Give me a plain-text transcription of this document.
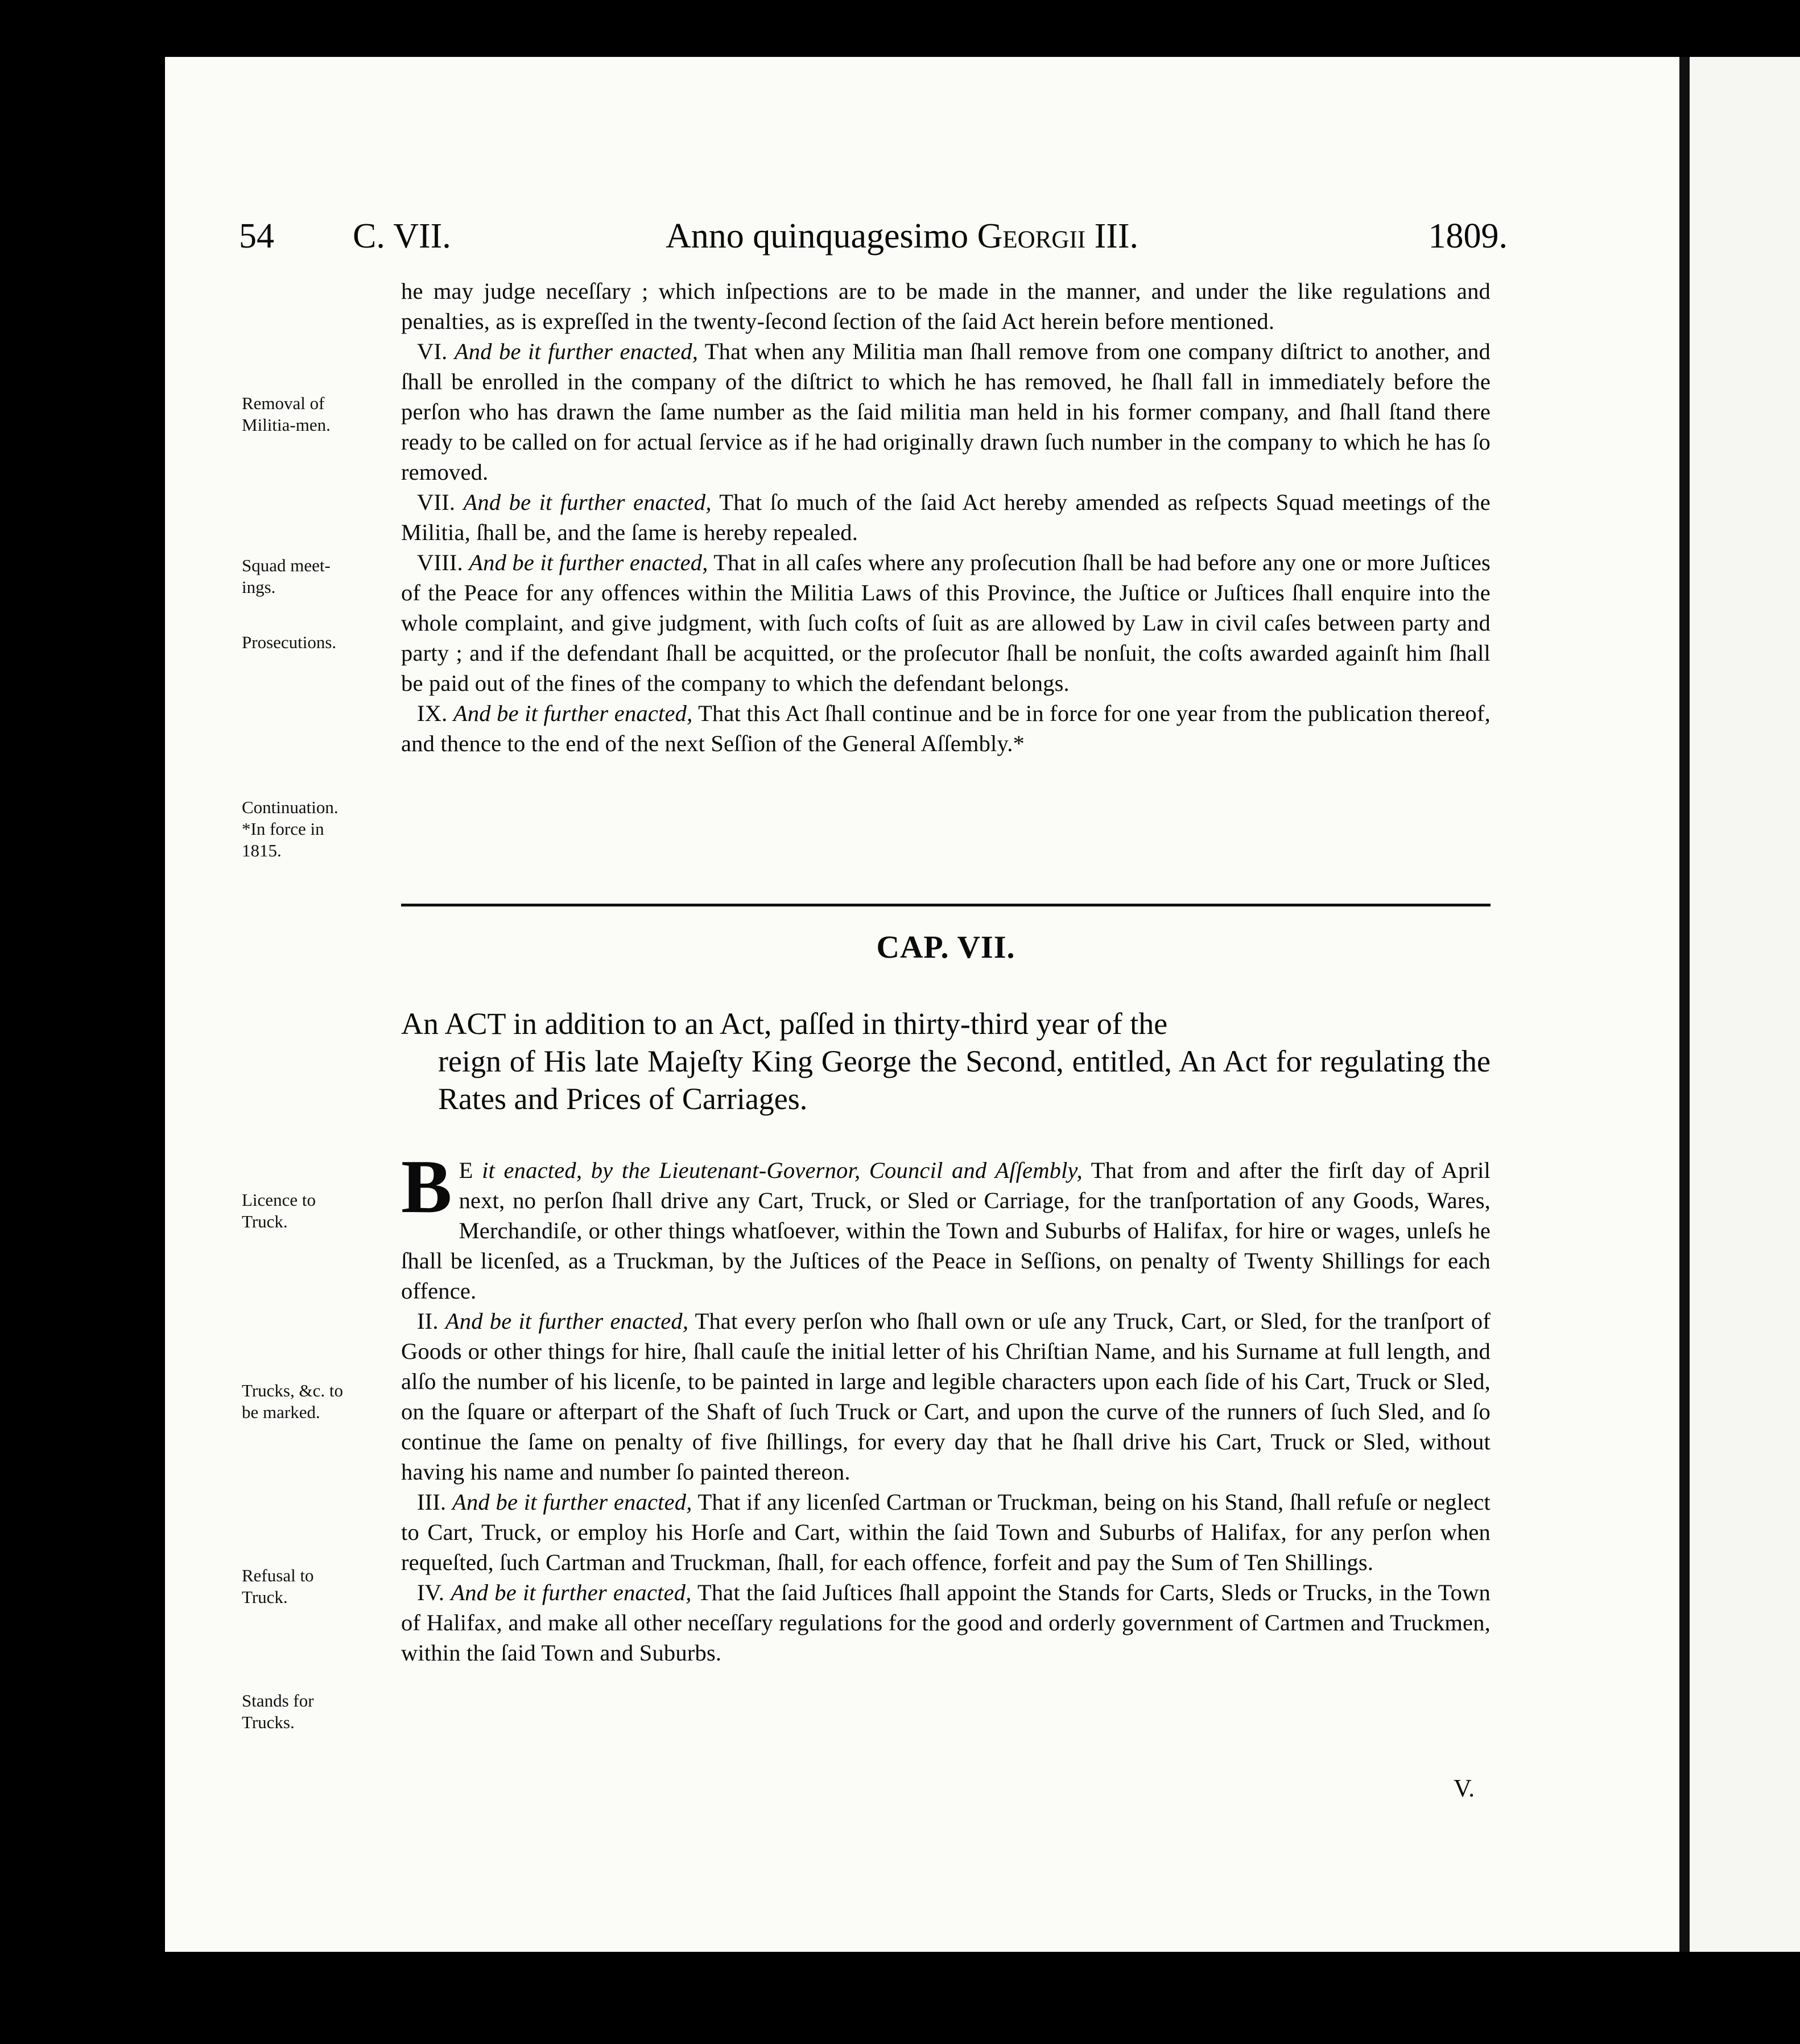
54 C. VII.	Anno quinquagesimo Georgii III.	1809.

he may judge neceſſary ; which inſpections are to be made in the manner, and under the like regulations and penalties, as is expreſſed in the twenty-ſecond ſection of the ſaid Act herein before mentioned.

VI. And be it further enacted, That when any Militia man ſhall remove from one company diſtrict to another, and ſhall be enrolled in the company of the diſtrict to which he has removed, he ſhall fall in immediately before the perſon who has drawn the ſame number as the ſaid militia man held in his former company, and ſhall ſtand there ready to be called on for actual ſervice as if he had originally drawn ſuch number in the company to which he has ſo removed.

VII. And be it further enacted, That ſo much of the ſaid Act hereby amended as reſpects Squad meetings of the Militia, ſhall be, and the ſame is hereby repealed.

VIII. And be it further enacted, That in all caſes where any proſecution ſhall be had before any one or more Juſtices of the Peace for any offences within the Militia Laws of this Province, the Juſtice or Juſtices ſhall enquire into the whole complaint, and give judgment, with ſuch coſts of ſuit as are allowed by Law in civil caſes between party and party ; and if the defendant ſhall be acquitted, or the proſecutor ſhall be nonſuit, the coſts awarded againſt him ſhall be paid out of the fines of the company to which the defendant belongs.

IX. And be it further enacted, That this Act ſhall continue and be in force for one year from the publication thereof, and thence to the end of the next Seſſion of the General Aſſembly.*

Removal of
Militia-men.
Squad meet-
ings.
Prosecutions.
Continuation.
*In force in
1815.
CAP. VII.
An ACT in addition to an Act, paſſed in thirty-third year of the
reign of His late Majeſty King George the Second, entitled, An Act for regulating the Rates and Prices of Carriages.

B E it enacted, by the Lieutenant-Governor, Council and Aſſembly, That from and after the firſt day of April next, no perſon ſhall drive any Cart, Truck, or Sled or Carriage, for the tranſportation of any Goods, Wares, Merchandiſe, or other things whatſoever, within the Town and Suburbs of Halifax, for hire or wages, unleſs he ſhall be licenſed, as a Truckman, by the Juſtices of the Peace in Seſſions, on penalty of Twenty Shillings for each offence.

II. And be it further enacted, That every perſon who ſhall own or uſe any Truck, Cart, or Sled, for the tranſport of Goods or other things for hire, ſhall cauſe the initial letter of his Chriſtian Name, and his Surname at full length, and alſo the number of his licenſe, to be painted in large and legible characters upon each ſide of his Cart, Truck or Sled, on the ſquare or afterpart of the Shaft of ſuch Truck or Cart, and upon the curve of the runners of ſuch Sled, and ſo continue the ſame on penalty of five ſhillings, for every day that he ſhall drive his Cart, Truck or Sled, without having his name and number ſo painted thereon.

III. And be it further enacted, That if any licenſed Cartman or Truckman, being on his Stand, ſhall refuſe or neglect to Cart, Truck, or employ his Horſe and Cart, within the ſaid Town and Suburbs of Halifax, for any perſon when requeſted, ſuch Cartman and Truckman, ſhall, for each offence, forfeit and pay the Sum of Ten Shillings.

IV. And be it further enacted, That the ſaid Juſtices ſhall appoint the Stands for Carts, Sleds or Trucks, in the Town of Halifax, and make all other neceſſary regulations for the good and orderly government of Cartmen and Truckmen, within the ſaid Town and Suburbs.

Licence to
Truck.
Trucks, &c. to
be marked.
Refusal to
Truck.
Stands for
Trucks.
V.
